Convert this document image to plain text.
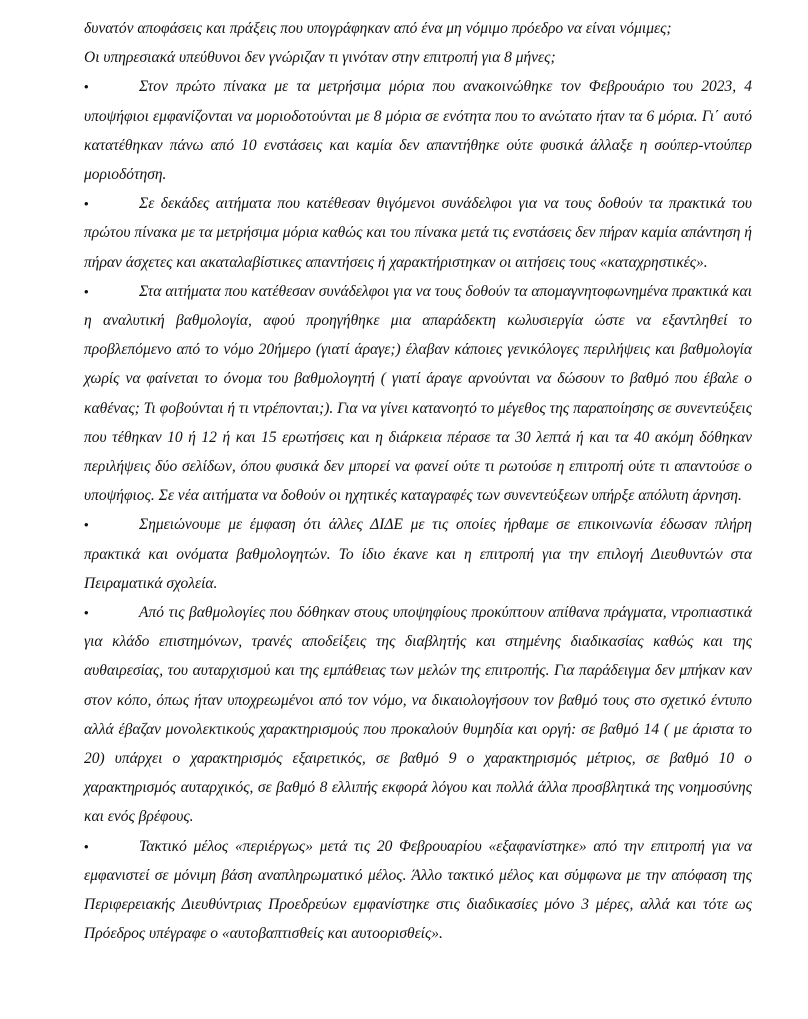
δυνατόν αποφάσεις και πράξεις που υπογράφηκαν από ένα μη νόμιμο πρόεδρο να είναι νόμιμες;

Οι υπηρεσιακά υπεύθυνοι δεν γνώριζαν τι γινόταν στην επιτροπή για 8 μήνες;

•	Στον πρώτο πίνακα με τα μετρήσιμα μόρια που ανακοινώθηκε τον Φεβρουάριο του 2023, 4 υποψήφιοι εμφανίζονται να μοριοδοτούνται με 8 μόρια σε ενότητα που το ανώτατο ήταν τα 6 μόρια. Γι΄ αυτό κατατέθηκαν πάνω από 10 ενστάσεις και καμία δεν απαντήθηκε ούτε φυσικά άλλαξε η σούπερ-ντούπερ μοριοδότηση.

•	Σε δεκάδες αιτήματα που κατέθεσαν θιγόμενοι συνάδελφοι για να τους δοθούν τα πρακτικά του πρώτου πίνακα με τα μετρήσιμα μόρια καθώς και του πίνακα μετά τις ενστάσεις δεν πήραν καμία απάντηση ή πήραν άσχετες και ακαταλαβίστικες απαντήσεις ή χαρακτήριστηκαν οι αιτήσεις τους «καταχρηστικές».

•	Στα αιτήματα που κατέθεσαν συνάδελφοι για να τους δοθούν τα απομαγνητοφωνημένα πρακτικά και η αναλυτική βαθμολογία, αφού προηγήθηκε μια απαράδεκτη κωλυσιεργία ώστε να εξαντληθεί το προβλεπόμενο από το νόμο 20ήμερο (γιατί άραγε;) έλαβαν κάποιες γενικόλογες περιλήψεις και βαθμολογία χωρίς να φαίνεται το όνομα του βαθμολογητή ( γιατί άραγε αρνούνται να δώσουν το βαθμό που έβαλε ο καθένας; Τι φοβούνται ή τι ντρέπονται;). Για να γίνει κατανοητό το μέγεθος της παραποίησης σε συνεντεύξεις που τέθηκαν 10 ή 12 ή και 15 ερωτήσεις και η διάρκεια πέρασε τα 30 λεπτά ή και τα 40 ακόμη δόθηκαν περιλήψεις δύο σελίδων, όπου φυσικά δεν μπορεί να φανεί ούτε τι ρωτούσε η επιτροπή ούτε τι απαντούσε ο υποψήφιος. Σε νέα αιτήματα να δοθούν οι ηχητικές καταγραφές των συνεντεύξεων υπήρξε απόλυτη άρνηση.

•	Σημειώνουμε με έμφαση ότι άλλες ΔΙΔΕ με τις οποίες ήρθαμε σε επικοινωνία έδωσαν πλήρη πρακτικά και ονόματα βαθμολογητών. Το ίδιο έκανε και η επιτροπή για την επιλογή Διευθυντών στα Πειραματικά σχολεία.

•	Από τις βαθμολογίες που δόθηκαν στους υποψηφίους προκύπτουν απίθανα πράγματα, ντροπιαστικά για κλάδο επιστημόνων, τρανές αποδείξεις της διαβλητής και στημένης διαδικασίας καθώς και της αυθαιρεσίας, του αυταρχισμού και της εμπάθειας των μελών της επιτροπής. Για παράδειγμα δεν μπήκαν καν στον κόπο, όπως ήταν υποχρεωμένοι από τον νόμο, να δικαιολογήσουν τον βαθμό τους στο σχετικό έντυπο αλλά έβαζαν μονολεκτικούς χαρακτηρισμούς που προκαλούν θυμηδία και οργή: σε βαθμό 14 ( με άριστα το 20) υπάρχει ο χαρακτηρισμός εξαιρετικός, σε βαθμό 9 ο χαρακτηρισμός μέτριος, σε βαθμό 10 ο χαρακτηρισμός αυταρχικός, σε βαθμό 8 ελλιπής εκφορά λόγου και πολλά άλλα προσβλητικά της νοημοσύνης και ενός βρέφους.

•	Τακτικό μέλος «περιέργως» μετά τις 20 Φεβρουαρίου «εξαφανίστηκε» από την επιτροπή για να εμφανιστεί σε μόνιμη βάση αναπληρωματικό μέλος. Άλλο τακτικό μέλος και σύμφωνα με την απόφαση της Περιφερειακής Διευθύντριας Προεδρεύων εμφανίστηκε στις διαδικασίες μόνο 3 μέρες, αλλά και τότε ως Πρόεδρος υπέγραφε ο «αυτοβαπτισθείς και αυτοορισθείς».
